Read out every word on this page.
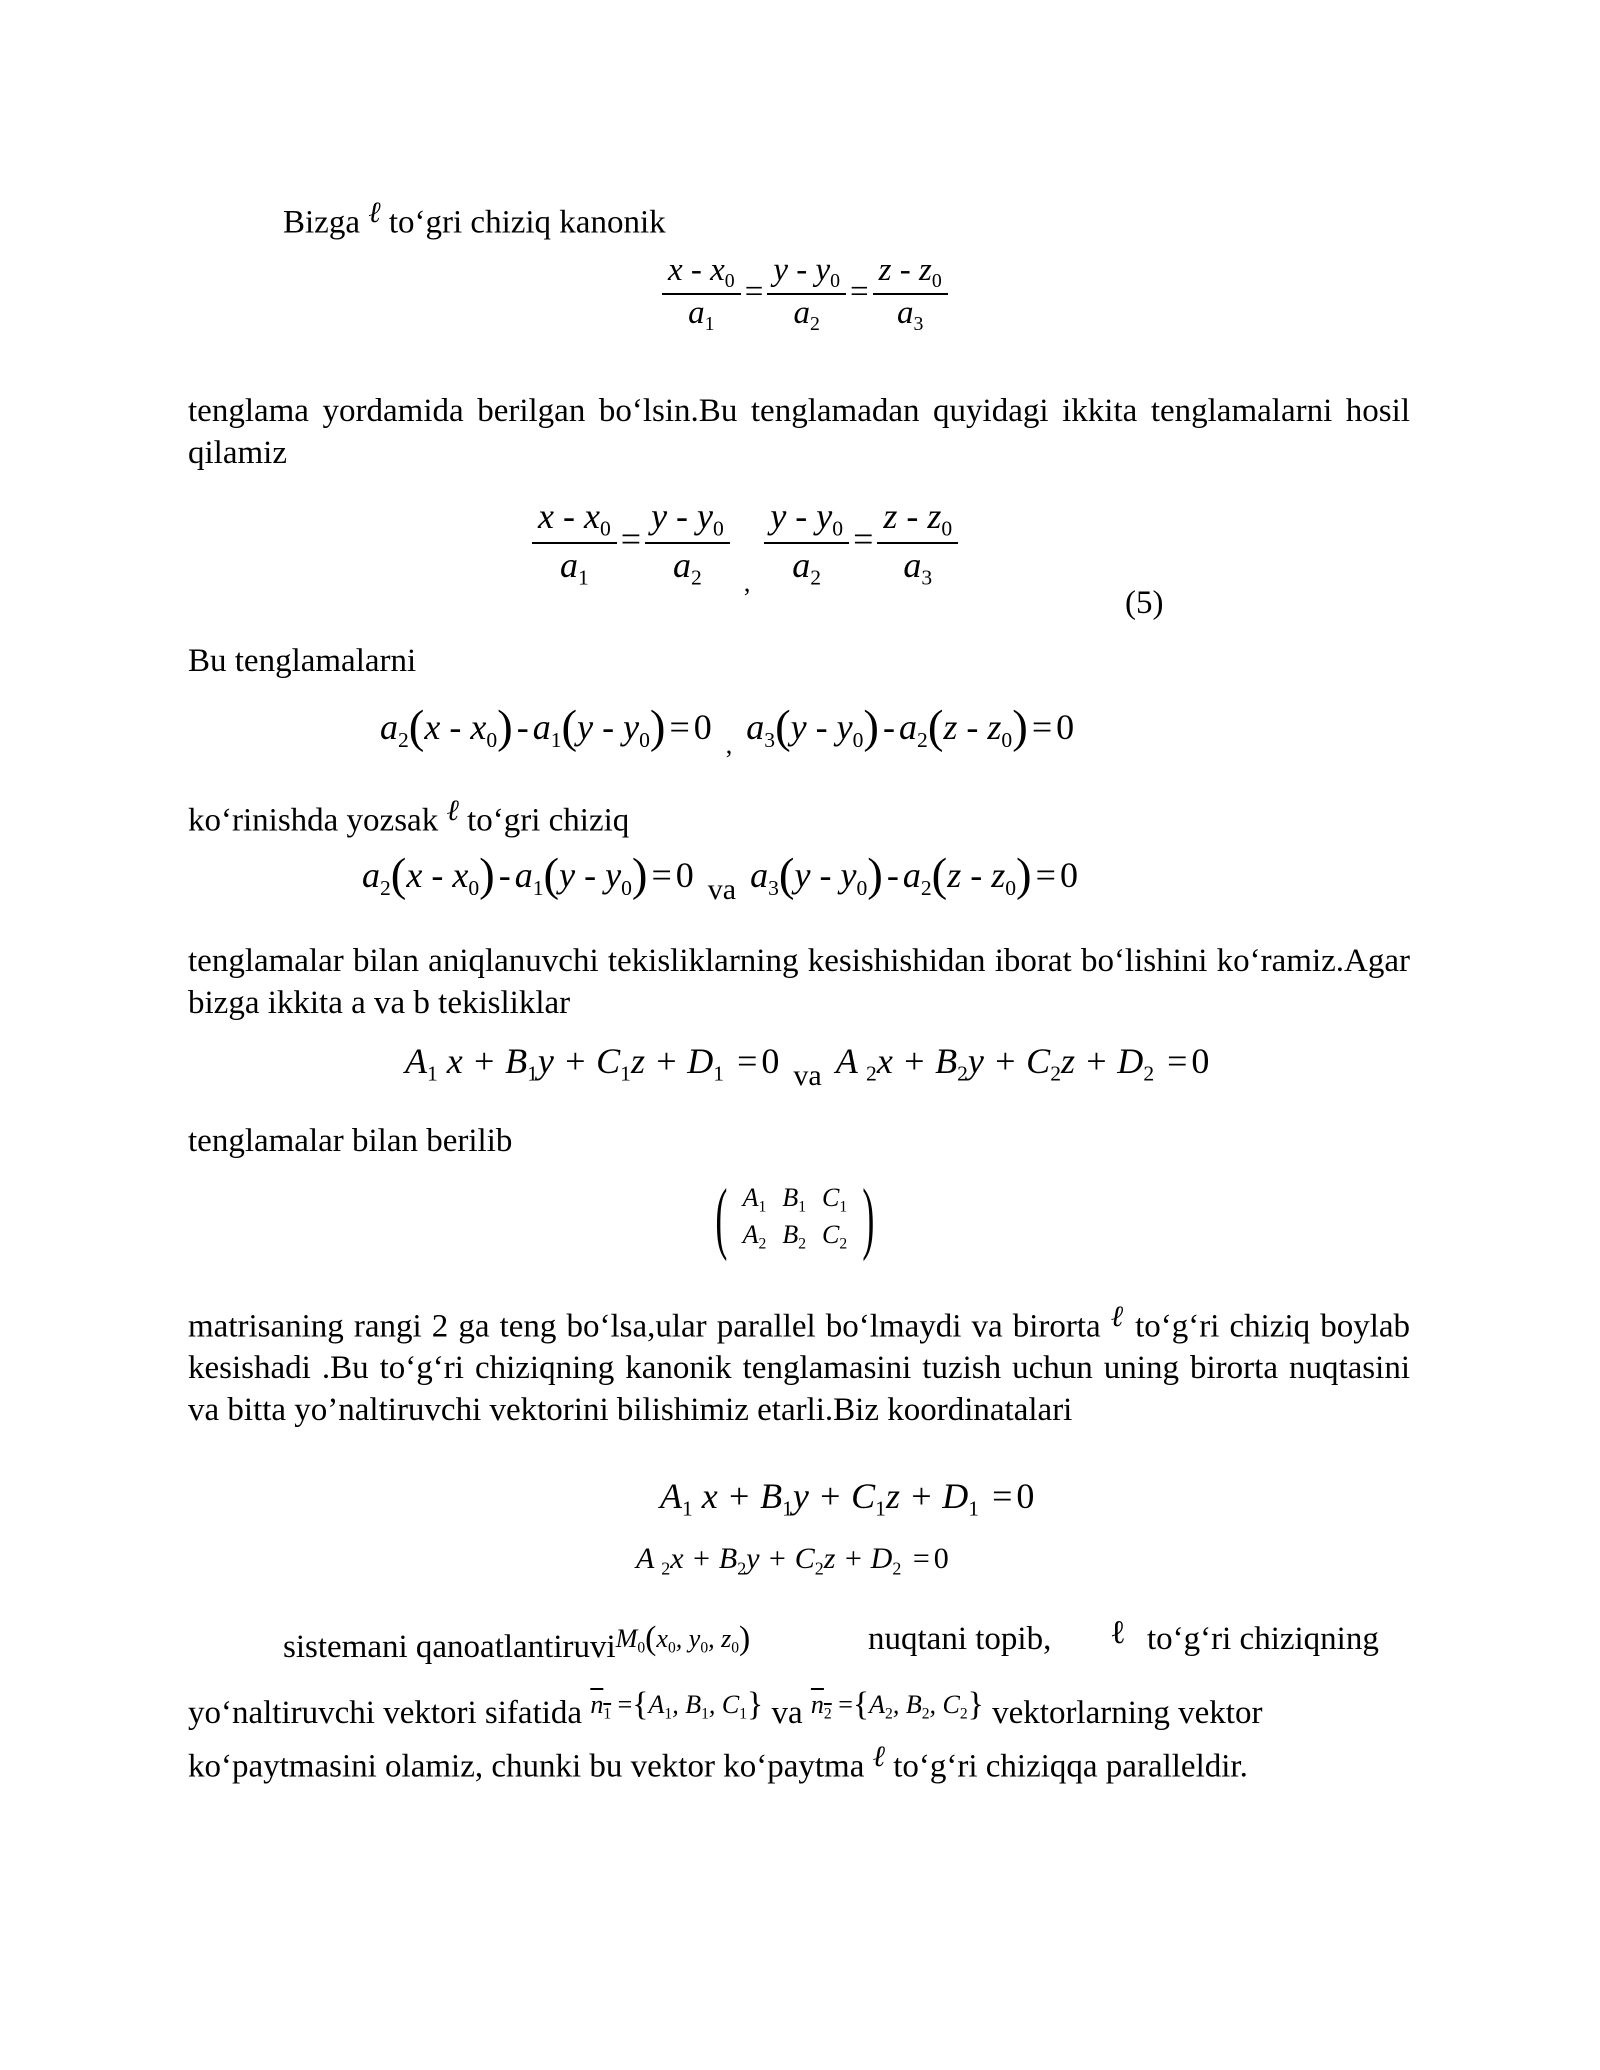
Bizga ℓ to‘gri chiziq kanonik
$\frac{x - x_0}{a_1} = \frac{y - y_0}{a_2} = \frac{z - z_0}{a_3}$
tenglama yordamida berilgan bo‘lsin.Bu tenglamadan quyidagi ikkita tenglamalarni hosil qilamiz
$\frac{x - x_0}{a_1} = \frac{y - y_0}{a_2} _, \frac{y - y_0}{a_2} = \frac{z - z_0}{a_3}$
(5)
Bu tenglamalarni
$a_2(x - x_0) - a_1(y - y_0) = 0$ $_,$ $a_3(y - y_0) - a_2(z - z_0) = 0$
ko‘rinishda yozsak ℓ to‘gri chiziq
$a_2(x - x_0) - a_1(y - y_0) = 0$ $_{va}$ $a_3(y - y_0) - a_2(z - z_0) = 0$
tenglamalar bilan aniqlanuvchi tekisliklarning kesishishidan iborat bo‘lishini ko‘ramiz.Agar bizga ikkita a va b tekisliklar
$A_1$ $x + B_1y + C_1z + D_1 = 0$ $_{va}$ A $_2x + B_2y + C_2z + D_2 = 0$
tenglamalar bilan berilib
( $A_1$	$B_1$	$C_1$
$A_2$	$B_2$	$C_2$ )
matrisaning rangi 2 ga teng bo‘lsa,ular parallel bo‘lmaydi va birorta ℓ to‘g‘ri chiziq boylab kesishadi .Bu to‘g‘ri chiziqning kanonik tenglamasini tuzish uchun uning birorta nuqtasini va bitta yo’naltiruvchi vektorini bilishimiz etarli.Biz koordinatalari
$A_1$ $x + B_1y + C_1z + D_1 = 0$
A $_2x + B_2y + C_2z + D_2 = 0$
sistemani qanoatlantiruvi$^{M_0(x_0, y_0, z_0)}$	nuqtani topib, ℓ to‘g‘ri chiziqning
yo‘naltiruvchi vektori sifatida $^{n_1 =\{A_1, B_1, C_1\}}$ va $^{n_2 =\{A_2, B_2, C_2\}}$ vektorlarning vektor
ko‘paytmasini olamiz, chunki bu vektor ko‘paytma ℓ to‘g‘ri chiziqqa paralleldir.
